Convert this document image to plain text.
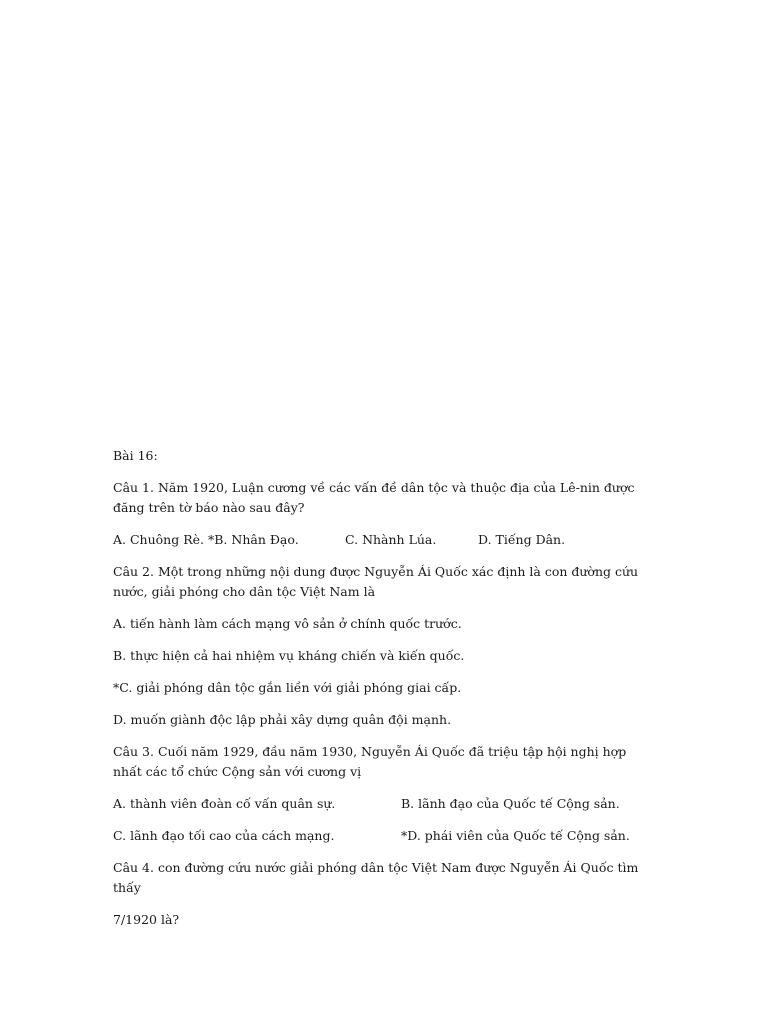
Bài 16:

Câu 1. Năm 1920, Luận cương về các vấn đề dân tộc và thuộc địa của Lê-nin được đăng trên tờ báo nào sau đây?

A. Chuông Rè. *B. Nhân Đạo.	C. Nhành Lúa.	D. Tiếng Dân.

Câu 2. Một trong những nội dung được Nguyễn Ái Quốc xác định là con đường cứu nước, giải phóng cho dân tộc Việt Nam là

A. tiến hành làm cách mạng vô sản ở chính quốc trước.

B. thực hiện cả hai nhiệm vụ kháng chiến và kiến quốc.

*C. giải phóng dân tộc gắn liền với giải phóng giai cấp.

D. muốn giành độc lập phải xây dựng quân đội mạnh.

Câu 3. Cuối năm 1929, đầu năm 1930, Nguyễn Ái Quốc đã triệu tập hội nghị hợp nhất các tổ chức Cộng sản với cương vị

A. thành viên đoàn cố vấn quân sự.	B. lãnh đạo của Quốc tế Cộng sản.
C. lãnh đạo tối cao của cách mạng.	*D. phái viên của Quốc tế Cộng sản.

Câu 4. con đường cứu nước giải phóng dân tộc Việt Nam được Nguyễn Ái Quốc tìm thấy

7/1920 là?
